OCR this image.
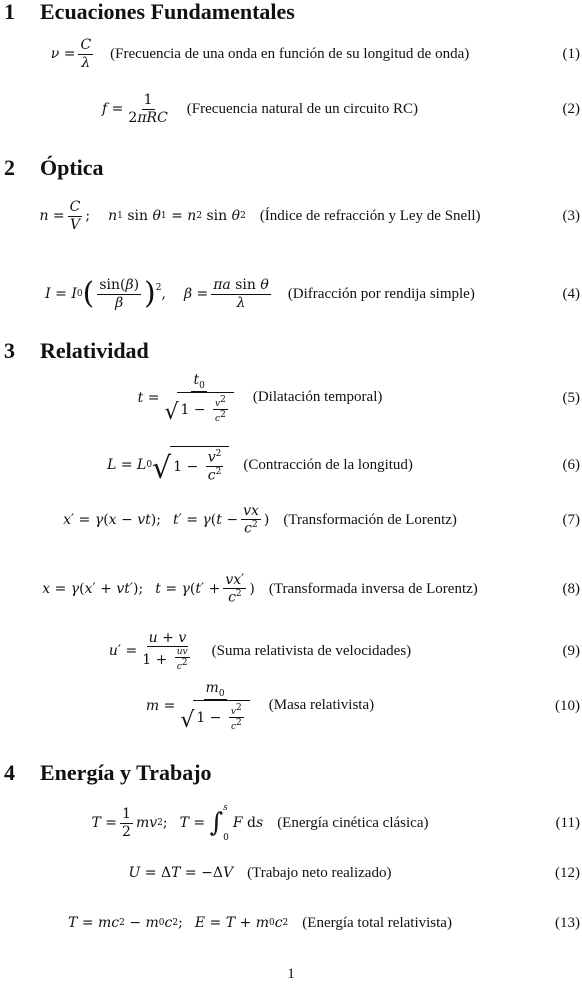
1 Ecuaciones Fundamentales
$\nu = \frac{C}{\lambda}$ (Frecuencia de una onda en función de su longitud de onda)	(1)
$f = \frac{1}{\text{2πRC}}$ (Frecuencia natural de un circuito RC)	(2)
2 Óptica
$n = \frac{C}{V}$ ; n 1 sin θ 1 = n 2 sin θ 2 (Índice de refracción y Ley de Snell)	(3)
I = I 0 ( $\frac{\sin(\beta)}{\beta} )^2$ , $\beta = \frac{\text{πa sin θ}}{\lambda}$ (Difracción por rendija simple)	(4)
3 Relatividad
$t = \frac{t_0}{√ 1 - \frac{v^2}{c^2}}$ (Dilatación temporal)	(5)
L = L 0 √ $1 - \frac{v^2}{c^2}$ (Contracción de la longitud)	(6)
x ′ = γ ( x − vt ); t ′ = γ ( $t - \frac{vx}{c^2}$ ) (Transformación de Lorentz)	(7)
x = γ ( x ′ + vt ′); t = γ ( t ′ + $\frac{vx'}{c^2}$ ) (Transformada inversa de Lorentz)	(8)
u ′ = $\frac{u + v}{1 + \frac{uv}{c^2}}$ (Suma relativista de velocidades)	(9)
$m = \frac{m_0}{√ 1 - \frac{v^2}{c^2}}$ (Masa relativista)	(10)
4 Energía y Trabajo
$T = \frac{1}{2}$ mv 2 ; T = ∫ s
0
F d s (Energía cinética clásica)	(11)
U = Δ T = −Δ V (Trabajo neto realizado)	(12)
T = mc 2 − m 0 c 2 ; E = T + m 0 c 2 (Energía total relativista)	(13)
1
